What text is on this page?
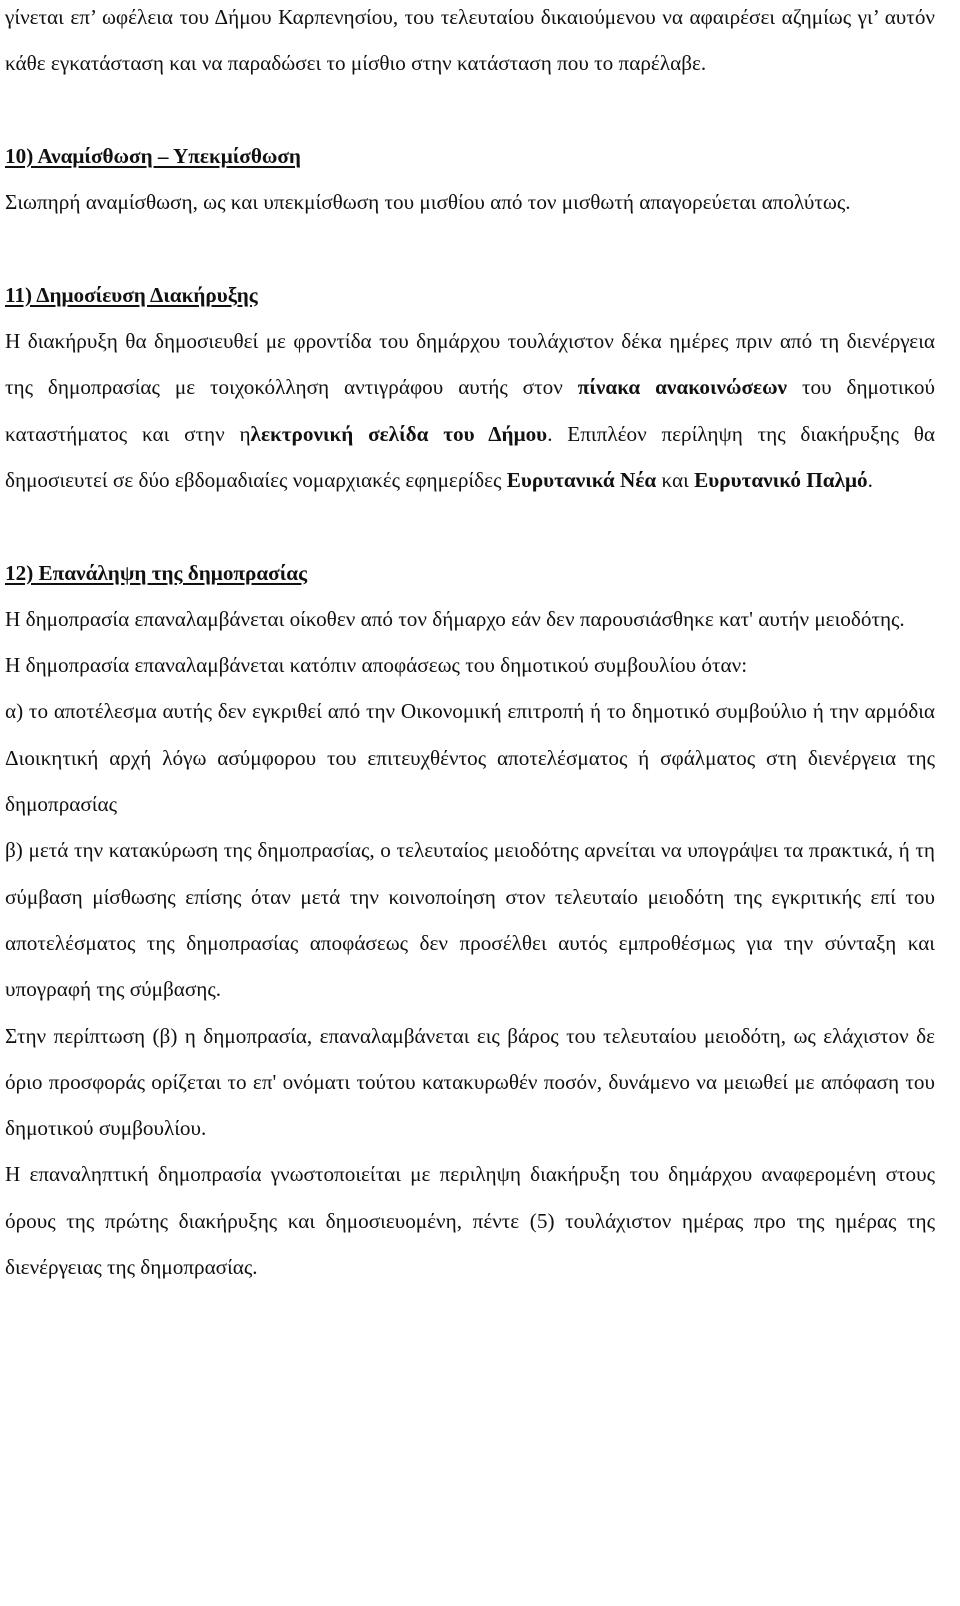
γίνεται επ’ ωφέλεια του Δήμου Καρπενησίου, του τελευταίου δικαιούμενου να αφαιρέσει αζημίως γι’ αυτόν κάθε εγκατάσταση και να παραδώσει το μίσθιο στην κατάσταση που το παρέλαβε.

10) Αναμίσθωση – Υπεκμίσθωση

Σιωπηρή αναμίσθωση, ως και υπεκμίσθωση του μισθίου από τον μισθωτή απαγορεύεται απολύτως.

11) Δημοσίευση Διακήρυξης

Η διακήρυξη θα δημοσιευθεί με φροντίδα του δημάρχου τουλάχιστον δέκα ημέρες πριν από τη διενέργεια της δημοπρασίας με τοιχοκόλληση αντιγράφου αυτής στον πίνακα ανακοινώσεων του δημοτικού καταστήματος και στην ηλεκτρονική σελίδα του Δήμου. Επιπλέον περίληψη της διακήρυξης θα δημοσιευτεί σε δύο εβδομαδιαίες νομαρχιακές εφημερίδες Ευρυτανικά Νέα και Ευρυτανικό Παλμό.

12) Επανάληψη της δημοπρασίας

Η δημοπρασία επαναλαμβάνεται οίκοθεν από τον δήμαρχο εάν δεν παρουσιάσθηκε κατ' αυτήν μειοδότης.

Η δημοπρασία επαναλαμβάνεται κατόπιν αποφάσεως του δημοτικού συμβουλίου όταν:

α) το αποτέλεσμα αυτής δεν εγκριθεί από την Οικονομική επιτροπή ή το δημοτικό συμβούλιο ή την αρμόδια Διοικητική αρχή λόγω ασύμφορου του επιτευχθέντος αποτελέσματος ή σφάλματος στη διενέργεια της δημοπρασίας

β) μετά την κατακύρωση της δημοπρασίας, ο τελευταίος μειοδότης αρνείται να υπογράψει τα πρακτικά, ή τη σύμβαση μίσθωσης επίσης όταν μετά την κοινοποίηση στον τελευταίο μειοδότη της εγκριτικής επί του αποτελέσματος της δημοπρασίας αποφάσεως δεν προσέλθει αυτός εμπροθέσμως για την σύνταξη και υπογραφή της σύμβασης.

Στην περίπτωση (β) η δημοπρασία, επαναλαμβάνεται εις βάρος του τελευταίου μειοδότη, ως ελάχιστον δε όριο προσφοράς ορίζεται το επ' ονόματι τούτου κατακυρωθέν ποσόν, δυνάμενο να μειωθεί με απόφαση του δημοτικού συμβουλίου.

Η επαναληπτική δημοπρασία γνωστοποιείται με περιληψη διακήρυξη του δημάρχου αναφερομένη στους όρους της πρώτης διακήρυξης και δημοσιευομένη, πέντε (5) τουλάχιστον ημέρας προ της ημέρας της διενέργειας της δημοπρασίας.
